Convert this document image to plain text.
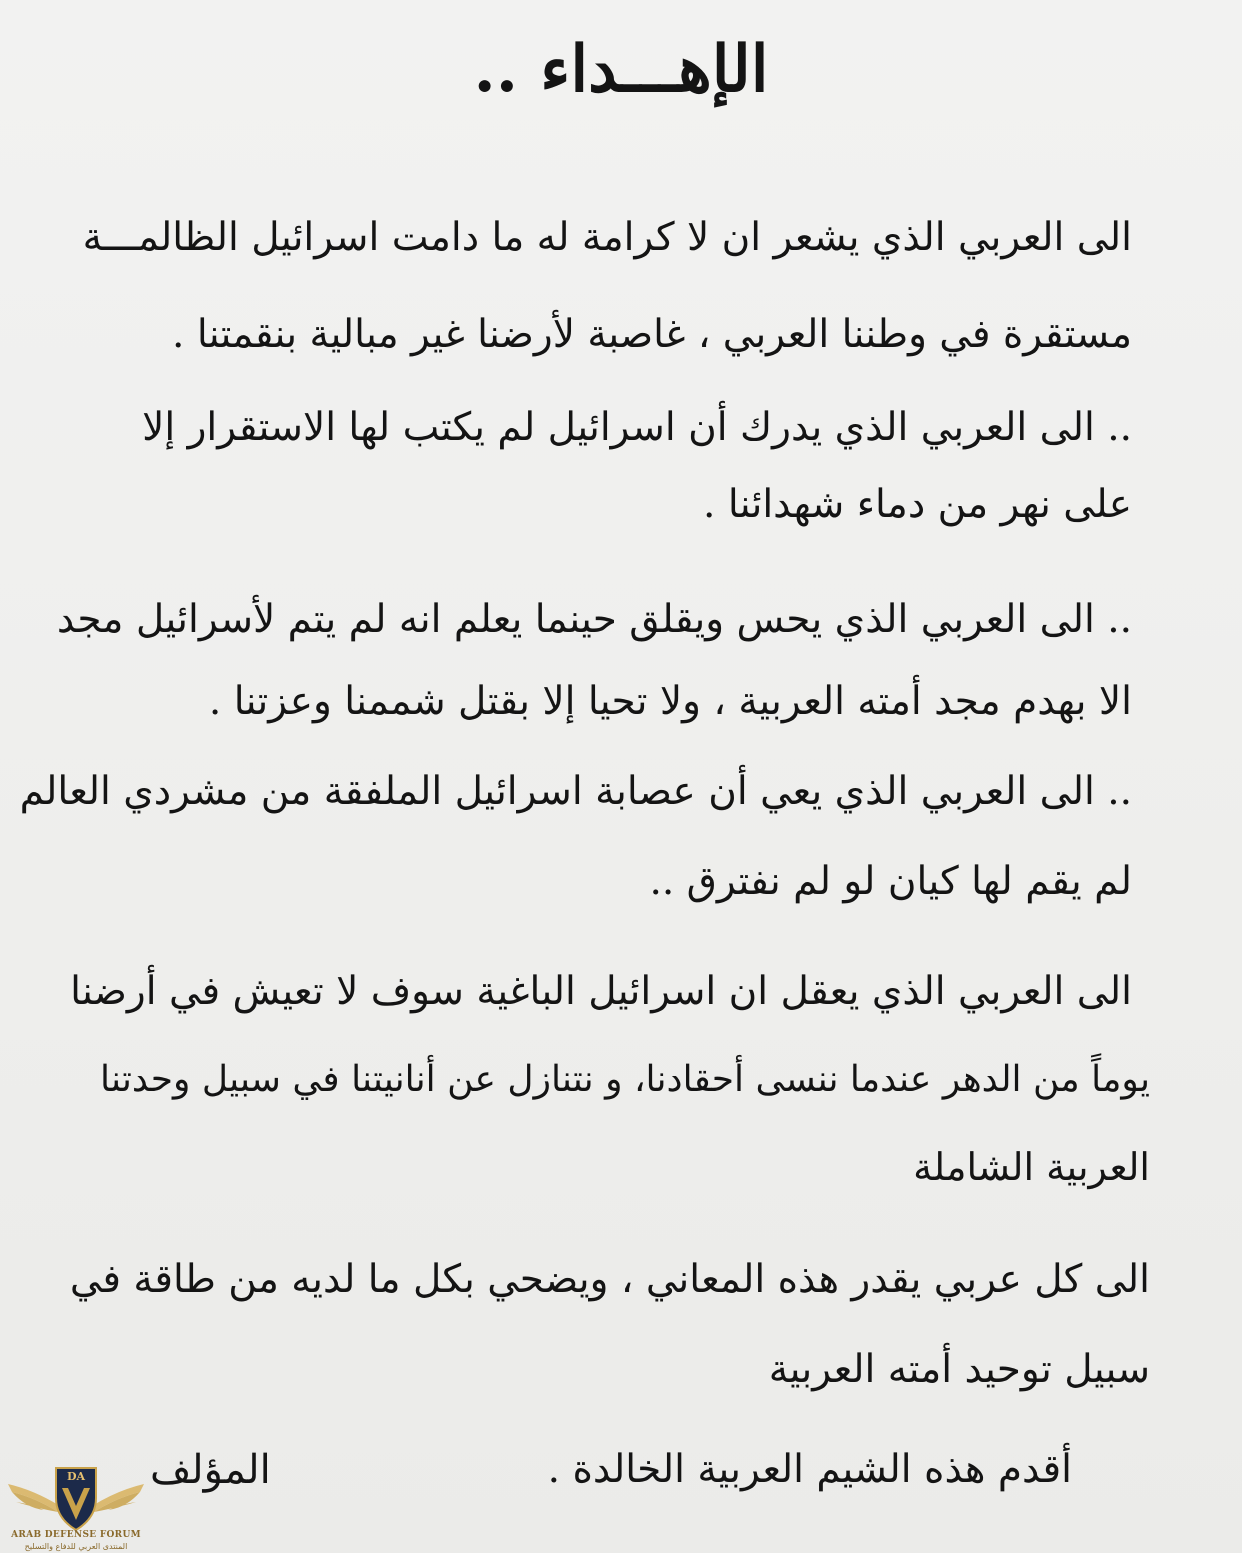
الإهـــداء ..
الى العربي الذي يشعر ان لا كرامة له ما دامت اسرائيل الظالمـــة
مستقرة في وطننا العربي ، غاصبة لأرضنا غير مبالية بنقمتنا .
.. الى العربي الذي يدرك أن اسرائيل لم يكتب لها الاستقرار إلا
على نهر من دماء شهدائنا .
.. الى العربي الذي يحس ويقلق حينما يعلم انه لم يتم لأسرائيل مجد
الا بهدم مجد أمته العربية ، ولا تحيا إلا بقتل شممنا وعزتنا .
.. الى العربي الذي يعي أن عصابة اسرائيل الملفقة من مشردي العالم
لم يقم لها كيان لو لم نفترق ..
الى العربي الذي يعقل ان اسرائيل الباغية سوف لا تعيش في أرضنا
يوماً من الدهر عندما ننسى أحقادنا، و نتنازل عن أنانيتنا في سبيل وحدتنا
العربية الشاملة
الى كل عربي يقدر هذه المعاني ، ويضحي بكل ما لديه من طاقة في
سبيل توحيد أمته العربية
أقدم هذه الشيم العربية الخالدة .
المؤلف
DA
ARAB DEFENSE FORUM
المنتدى العربي للدفاع والتسليح
